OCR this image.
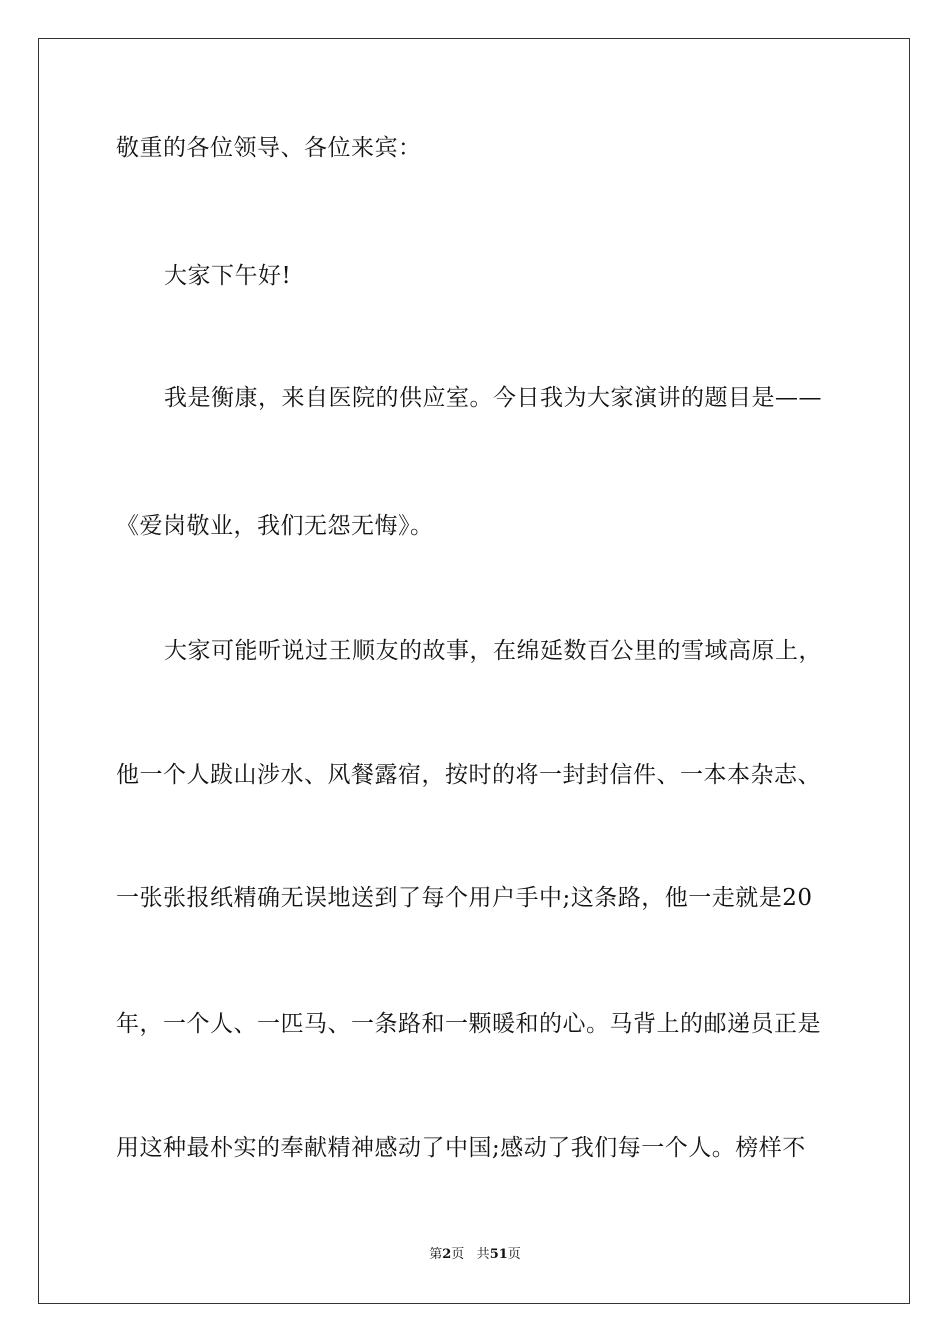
敬重的各位领导、各位来宾：
大家下午好!
我是衡康，来自医院的供应室。今日我为大家演讲的题目是——
《爱岗敬业，我们无怨无悔》。
大家可能听说过王顺友的故事，在绵延数百公里的雪域高原上，
他一个人跋山涉水、风餐露宿，按时的将一封封信件、一本本杂志、
一张张报纸精确无误地送到了每个用户手中;这条路，他一走就是20
年，一个人、一匹马、一条路和一颗暖和的心。马背上的邮递员正是
用这种最朴实的奉献精神感动了中国;感动了我们每一个人。榜样不
第2页 共51页
